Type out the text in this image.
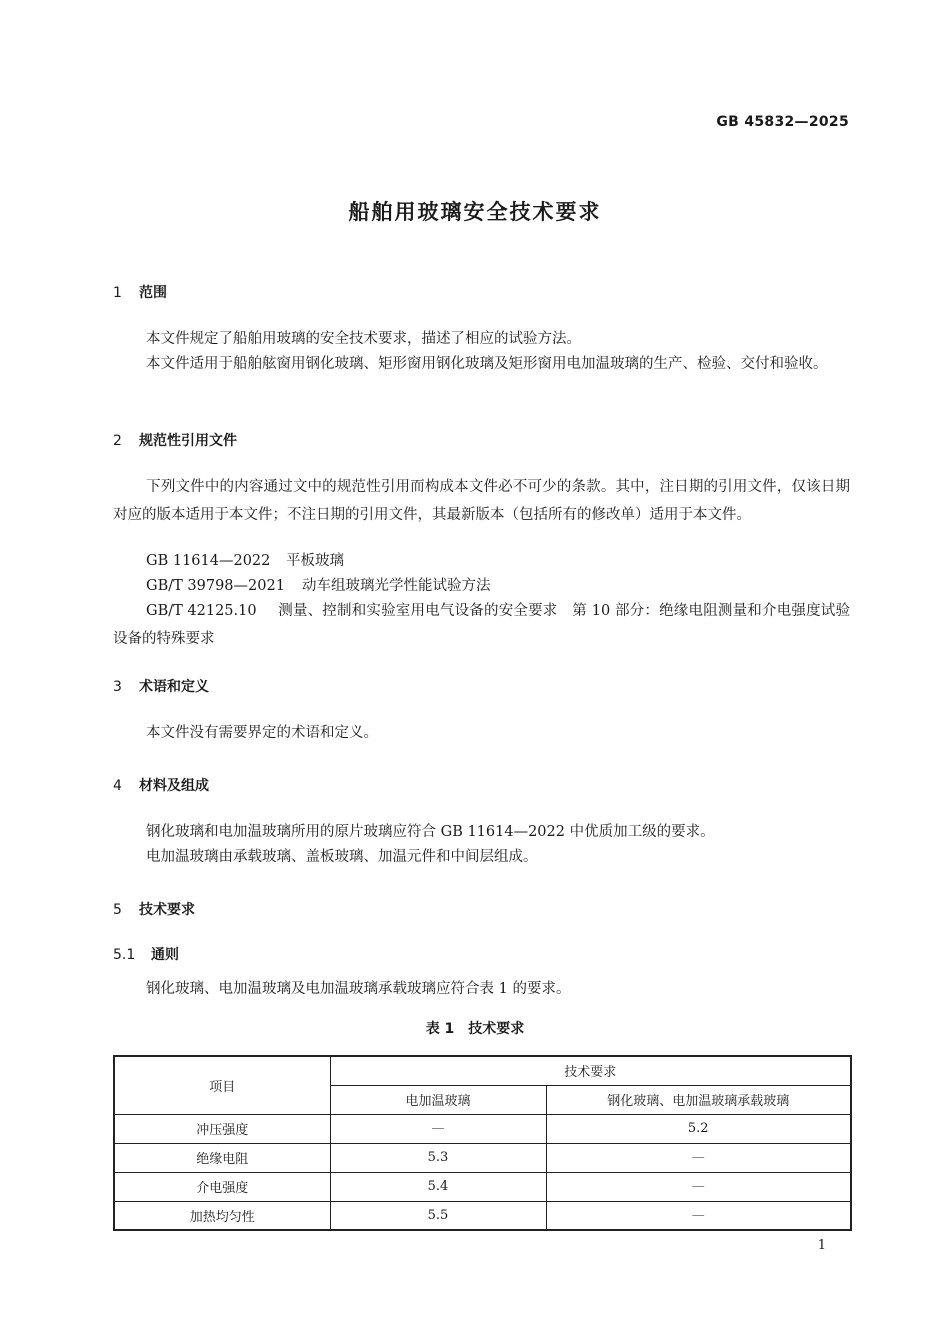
GB 45832—2025
船舶用玻璃安全技术要求
1 范围
本文件规定了船舶用玻璃的安全技术要求，描述了相应的试验方法。
本文件适用于船舶舷窗用钢化玻璃、矩形窗用钢化玻璃及矩形窗用电加温玻璃的生产、检验、交付和验收。
2 规范性引用文件
下列文件中的内容通过文中的规范性引用而构成本文件必不可少的条款。其中，注日期的引用文件，仅该日期对应的版本适用于本文件；不注日期的引用文件，其最新版本（包括所有的修改单）适用于本文件。
GB 11614—2022 平板玻璃
GB/T 39798—2021 动车组玻璃光学性能试验方法
GB/T 42125.10 测量、控制和实验室用电气设备的安全要求　第 10 部分：绝缘电阻测量和介电强度试验设备的特殊要求
3 术语和定义
本文件没有需要界定的术语和定义。
4 材料及组成
钢化玻璃和电加温玻璃所用的原片玻璃应符合 GB 11614—2022 中优质加工级的要求。
电加温玻璃由承载玻璃、盖板玻璃、加温元件和中间层组成。
5 技术要求
5.1 通则
钢化玻璃、电加温玻璃及电加温玻璃承载玻璃应符合表 1 的要求。
表 1　技术要求
项目	技术要求	
	电加温玻璃	钢化玻璃、电加温玻璃承载玻璃
冲压强度	—	5.2
绝缘电阻	5.3	—
介电强度	5.4	—
加热均匀性	5.5	—
1
